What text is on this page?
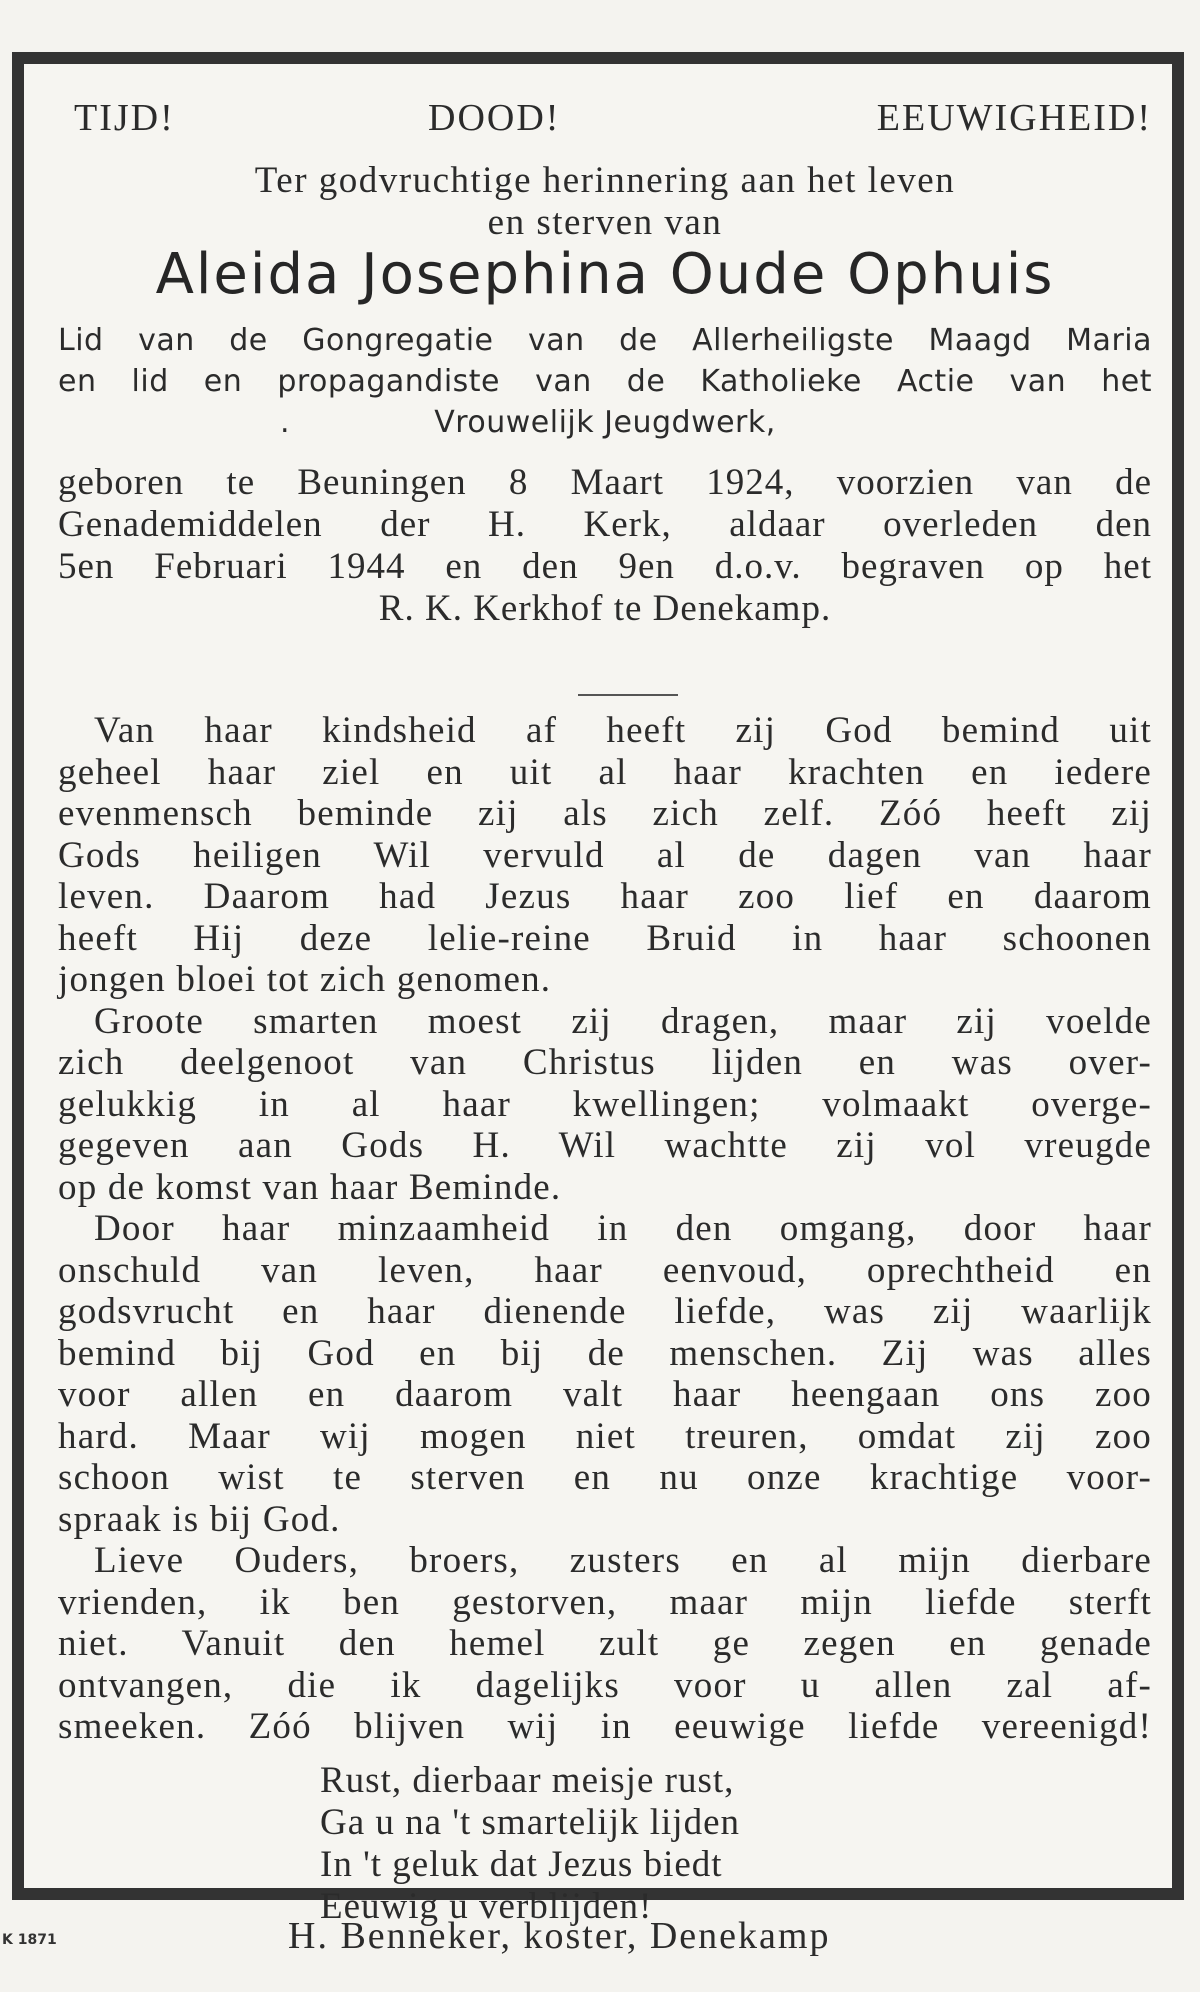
TIJD!	DOOD!	EEUWIGHEID!
Ter godvruchtige herinnering aan het leven
en sterven van
Aleida Josephina Oude Ophuis
Lid van de Gongregatie van de Allerheiligste Maagd Maria
en lid en propagandiste van de Katholieke Actie van het
Vrouwelijk Jeugdwerk,
.
geboren te Beuningen 8 Maart 1924, voorzien van de
Genademiddelen der H. Kerk, aldaar overleden den
5en Februari 1944 en den 9en d.o.v. begraven op het
R. K. Kerkhof te Denekamp.
Van haar kindsheid af heeft zij God bemind uit
geheel haar ziel en uit al haar krachten en iedere
evenmensch beminde zij als zich zelf. Zóó heeft zij
Gods heiligen Wil vervuld al de dagen van haar
leven. Daarom had Jezus haar zoo lief en daarom
heeft Hij deze lelie-reine Bruid in haar schoonen
jongen bloei tot zich genomen.
Groote smarten moest zij dragen, maar zij voelde
zich deelgenoot van Christus lijden en was over-
gelukkig in al haar kwellingen; volmaakt overge-
gegeven aan Gods H. Wil wachtte zij vol vreugde
op de komst van haar Beminde.
Door haar minzaamheid in den omgang, door haar
onschuld van leven, haar eenvoud, oprechtheid en
godsvrucht en haar dienende liefde, was zij waarlijk
bemind bij God en bij de menschen. Zij was alles
voor allen en daarom valt haar heengaan ons zoo
hard. Maar wij mogen niet treuren, omdat zij zoo
schoon wist te sterven en nu onze krachtige voor-
spraak is bij God.
Lieve Ouders, broers, zusters en al mijn dierbare
vrienden, ik ben gestorven, maar mijn liefde sterft
niet. Vanuit den hemel zult ge zegen en genade
ontvangen, die ik dagelijks voor u allen zal af-
smeeken. Zóó blijven wij in eeuwige liefde vereenigd!
Rust, dierbaar meisje rust,
Ga u na 't smartelijk lijden
In 't geluk dat Jezus biedt
Eeuwig u verblijden!
K 1871	H. Benneker, koster, Denekamp
